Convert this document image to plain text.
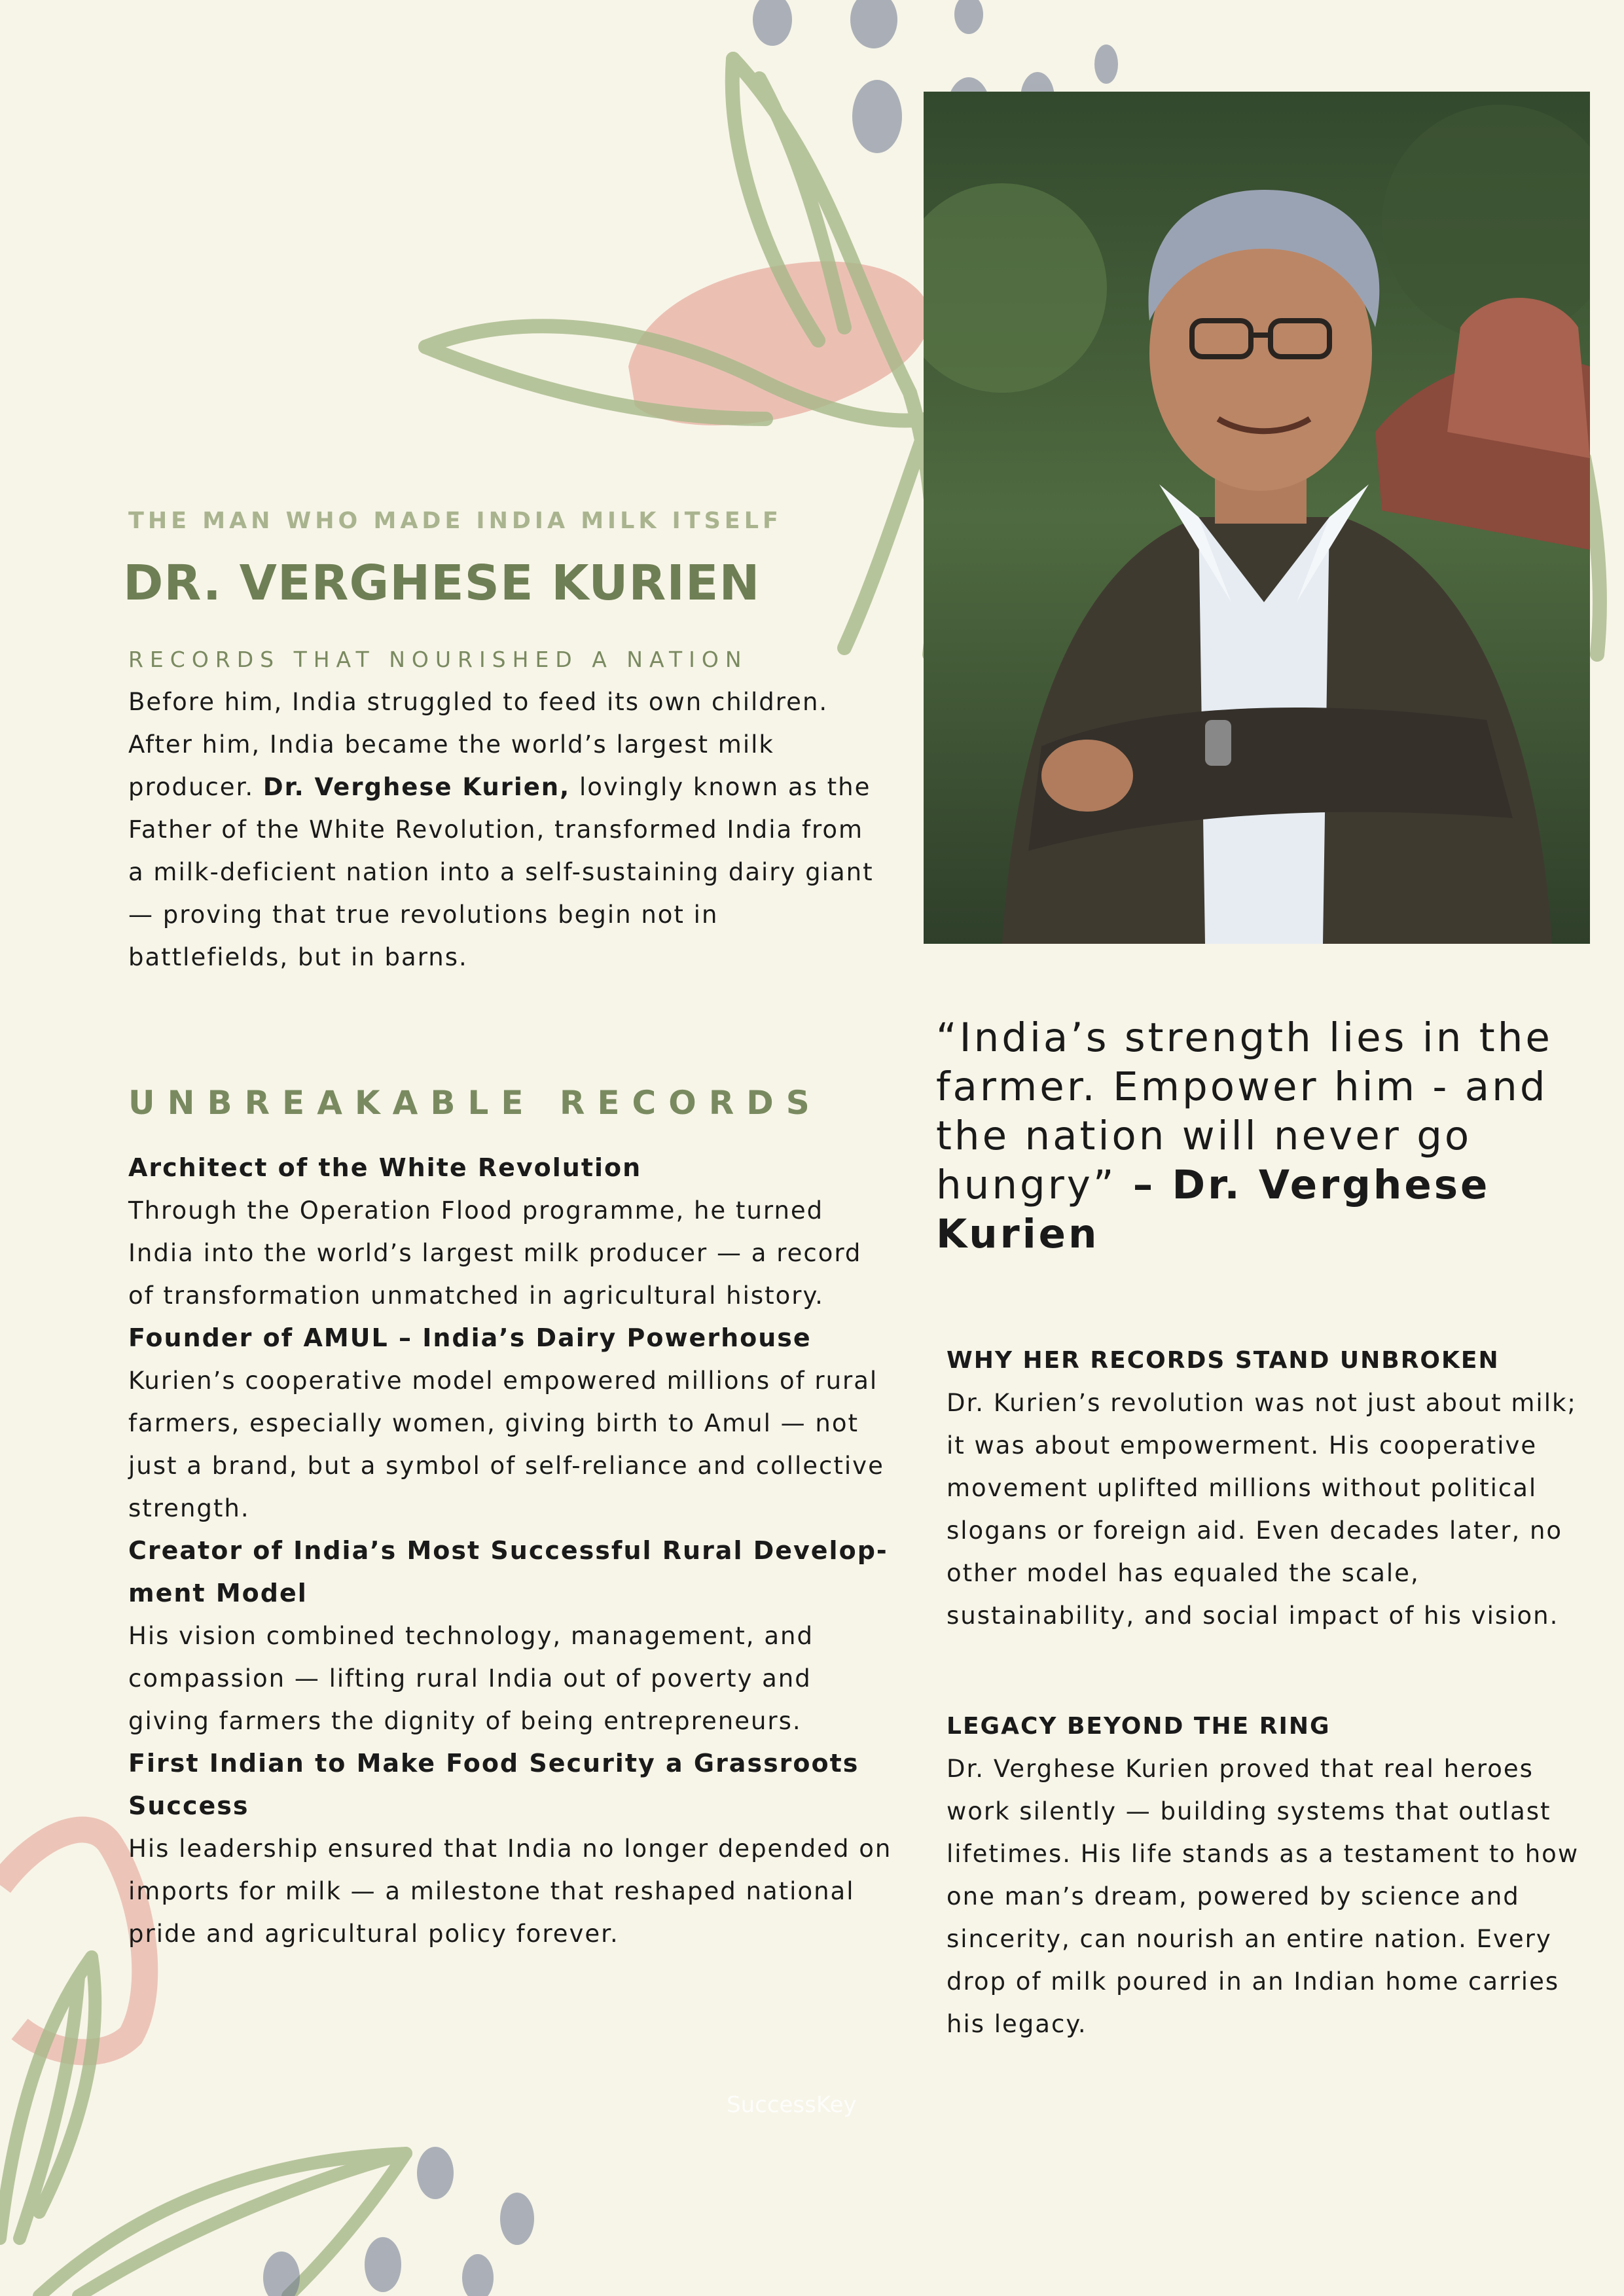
THE MAN WHO MADE INDIA MILK ITSELF

DR. VERGHESE KURIEN

RECORDS THAT NOURISHED A NATION

Before him, India struggled to feed its own children. After him, India became the world’s largest milk producer. Dr. Verghese Kurien, lovingly known as the Father of the White Revolution, transformed India from a milk-deficient nation into a self-sustaining dairy giant — proving that true revolutions begin not in battlefields, but in barns.

UNBREAKABLE RECORDS
Architect of the White Revolution

Through the Operation Flood programme, he turned India into the world’s largest milk producer — a record of transformation unmatched in agricultural history.

Founder of AMUL – India’s Dairy Powerhouse

Kurien’s cooperative model empowered millions of rural farmers, especially women, giving birth to Amul — not just a brand, but a symbol of self-reliance and collective strength.

Creator of India’s Most Successful Rural Development Model

His vision combined technology, management, and compassion — lifting rural India out of poverty and giving farmers the dignity of being entrepreneurs.

First Indian to Make Food Security a Grassroots Success

His leadership ensured that India no longer depended on imports for milk — a milestone that reshaped national pride and agricultural policy forever.

“India’s strength lies in the farmer. Empower him - and the nation will never go hungry” – Dr. Verghese Kurien

WHY HER RECORDS STAND UNBROKEN

Dr. Kurien’s revolution was not just about milk; it was about empowerment. His cooperative movement uplifted millions without political slogans or foreign aid. Even decades later, no other model has equaled the scale, sustainability, and social impact of his vision.

LEGACY BEYOND THE RING

Dr. Verghese Kurien proved that real heroes work silently — building systems that outlast lifetimes. His life stands as a testament to how one man’s dream, powered by science and sincerity, can nourish an entire nation. Every drop of milk poured in an Indian home carries his legacy.

SuccessKey
